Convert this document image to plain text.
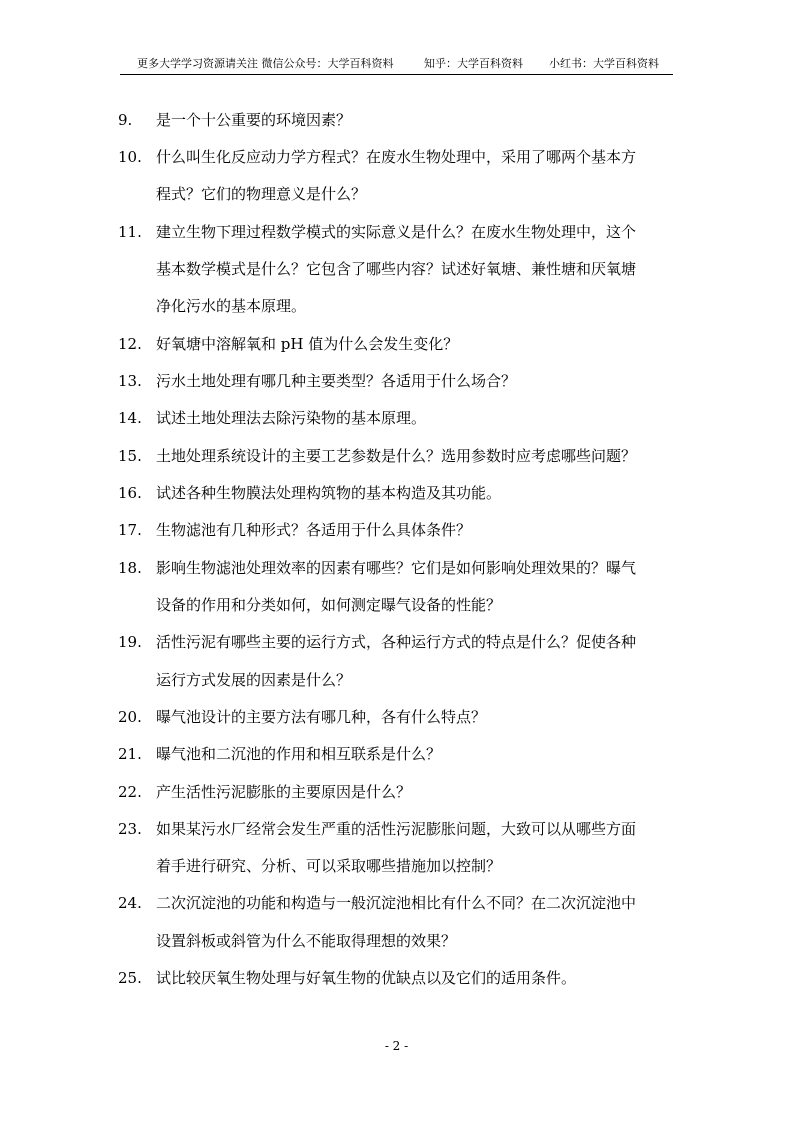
更多大学学习资源请关注 微信公众号：大学百科资料	知乎：大学百科资料 小红书：大学百科资料
9.	是一个十公重要的环境因素？
10. 什么叫生化反应动力学方程式？在废水生物处理中，采用了哪两个基本方
程式？它们的物理意义是什么？
11. 建立生物下理过程数学模式的实际意义是什么？在废水生物处理中，这个
基本数学模式是什么？它包含了哪些内容？试述好氧塘、兼性塘和厌氧塘
净化污水的基本原理。
12. 好氧塘中溶解氧和 pH 值为什么会发生变化？
13. 污水土地处理有哪几种主要类型？各适用于什么场合？
14. 试述土地处理法去除污染物的基本原理。
15. 土地处理系统设计的主要工艺参数是什么？选用参数时应考虑哪些问题？
16. 试述各种生物膜法处理构筑物的基本构造及其功能。
17. 生物滤池有几种形式？各适用于什么具体条件？
18. 影响生物滤池处理效率的因素有哪些？它们是如何影响处理效果的？曝气
设备的作用和分类如何，如何测定曝气设备的性能？
19. 活性污泥有哪些主要的运行方式，各种运行方式的特点是什么？促使各种
运行方式发展的因素是什么？
20. 曝气池设计的主要方法有哪几种，各有什么特点？
21. 曝气池和二沉池的作用和相互联系是什么？
22. 产生活性污泥膨胀的主要原因是什么？
23. 如果某污水厂经常会发生严重的活性污泥膨胀问题，大致可以从哪些方面
着手进行研究、分析、可以采取哪些措施加以控制？
24. 二次沉淀池的功能和构造与一般沉淀池相比有什么不同？在二次沉淀池中
设置斜板或斜管为什么不能取得理想的效果？
25. 试比较厌氧生物处理与好氧生物的优缺点以及它们的适用条件。
- 2 -
